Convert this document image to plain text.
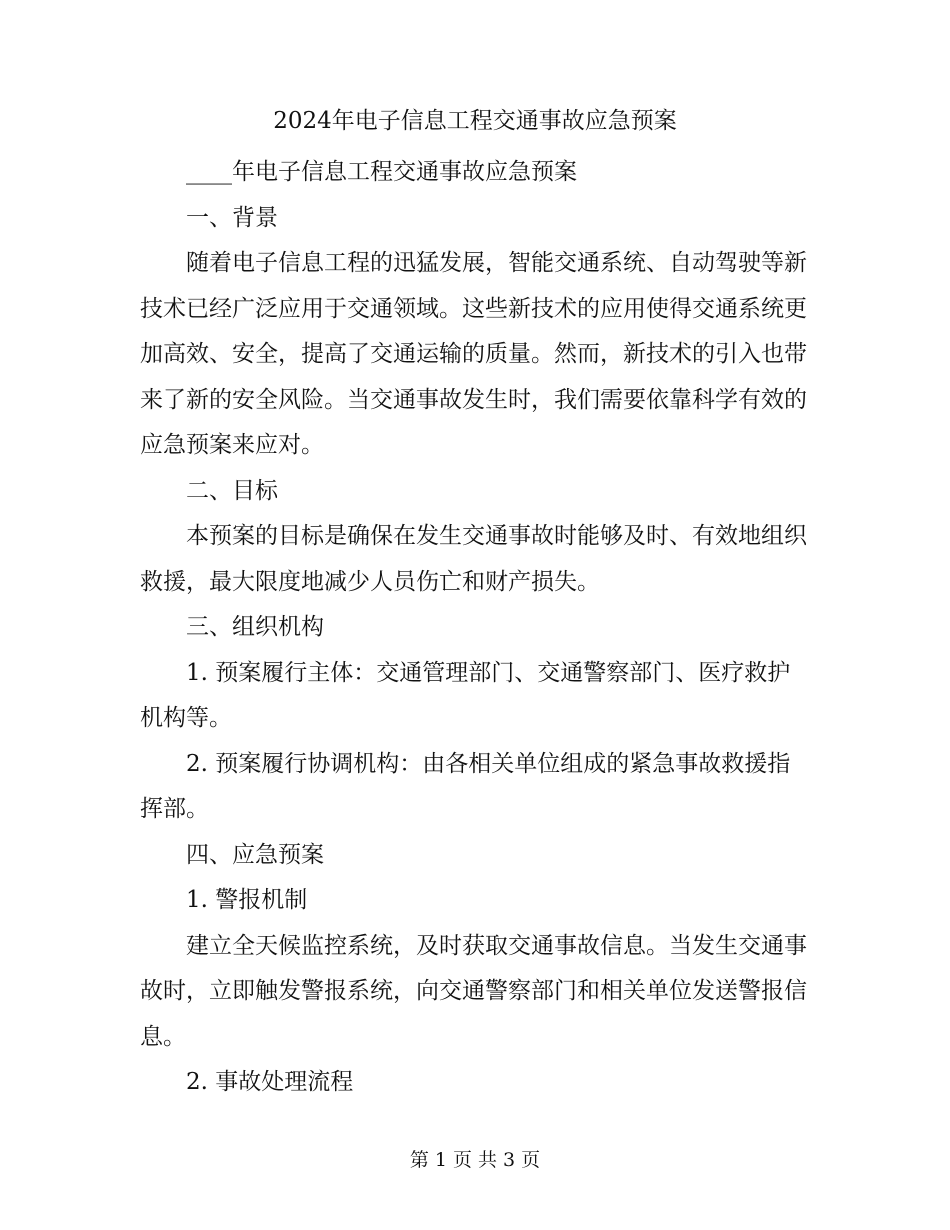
2024年电子信息工程交通事故应急预案

____年电子信息工程交通事故应急预案

一、背景

随着电子信息工程的迅猛发展，智能交通系统、自动驾驶等新技术已经广泛应用于交通领域。这些新技术的应用使得交通系统更加高效、安全，提高了交通运输的质量。然而，新技术的引入也带来了新的安全风险。当交通事故发生时，我们需要依靠科学有效的应急预案来应对。

二、目标

本预案的目标是确保在发生交通事故时能够及时、有效地组织救援，最大限度地减少人员伤亡和财产损失。

三、组织机构

1. 预案履行主体：交通管理部门、交通警察部门、医疗救护机构等。

2. 预案履行协调机构：由各相关单位组成的紧急事故救援指挥部。

四、应急预案

1. 警报机制

建立全天候监控系统，及时获取交通事故信息。当发生交通事故时，立即触发警报系统，向交通警察部门和相关单位发送警报信息。

2. 事故处理流程

第 1 页 共 3 页
